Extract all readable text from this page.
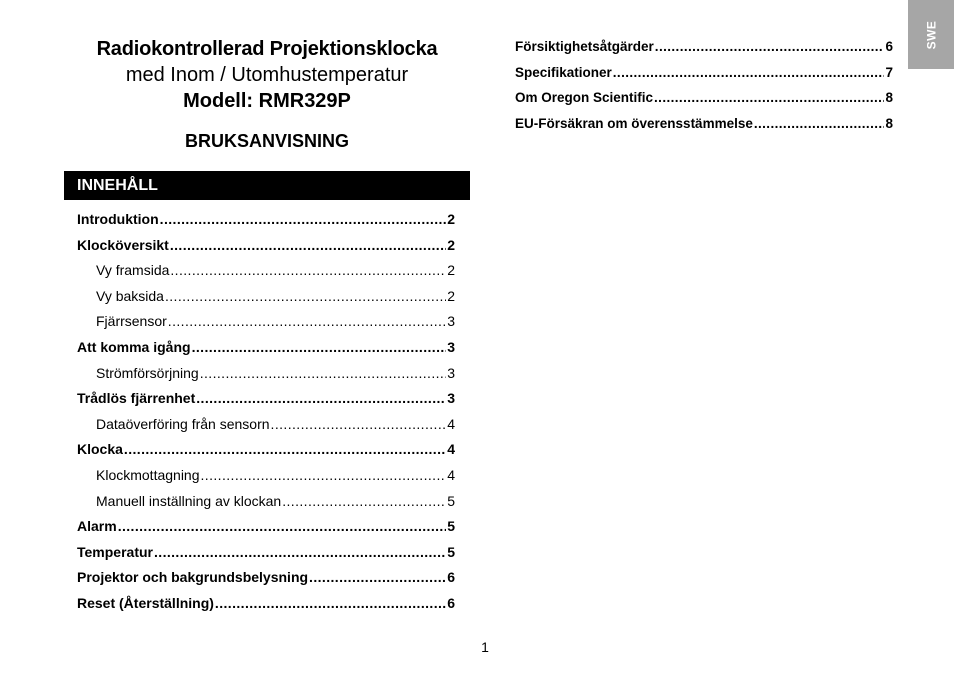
Radiokontrollerad Projektionsklocka
med Inom / Utomhustemperatur
Modell: RMR329P
BRUKSANVISNING
INNEHÅLL
Introduktion .....	2
Klocköversikt .....	2
Vy framsida .....	2
Vy baksida .....	2
Fjärrsensor .....	3
Att komma igång .....	3
Strömförsörjning .....	3
Trådlös fjärrenhet .....	3
Dataöverföring från sensorn .....	4
Klocka .....	4
Klockmottagning .....	4
Manuell inställning av klockan .....	5
Alarm .....	5
Temperatur .....	5
Projektor och bakgrundsbelysning .....	6
Reset (Återställning) .....	6
Försiktighetsåtgärder .....	6
Specifikationer .....	7
Om Oregon Scientific .....	8
EU-Försäkran om överensstämmelse .....	8
SWE
1
